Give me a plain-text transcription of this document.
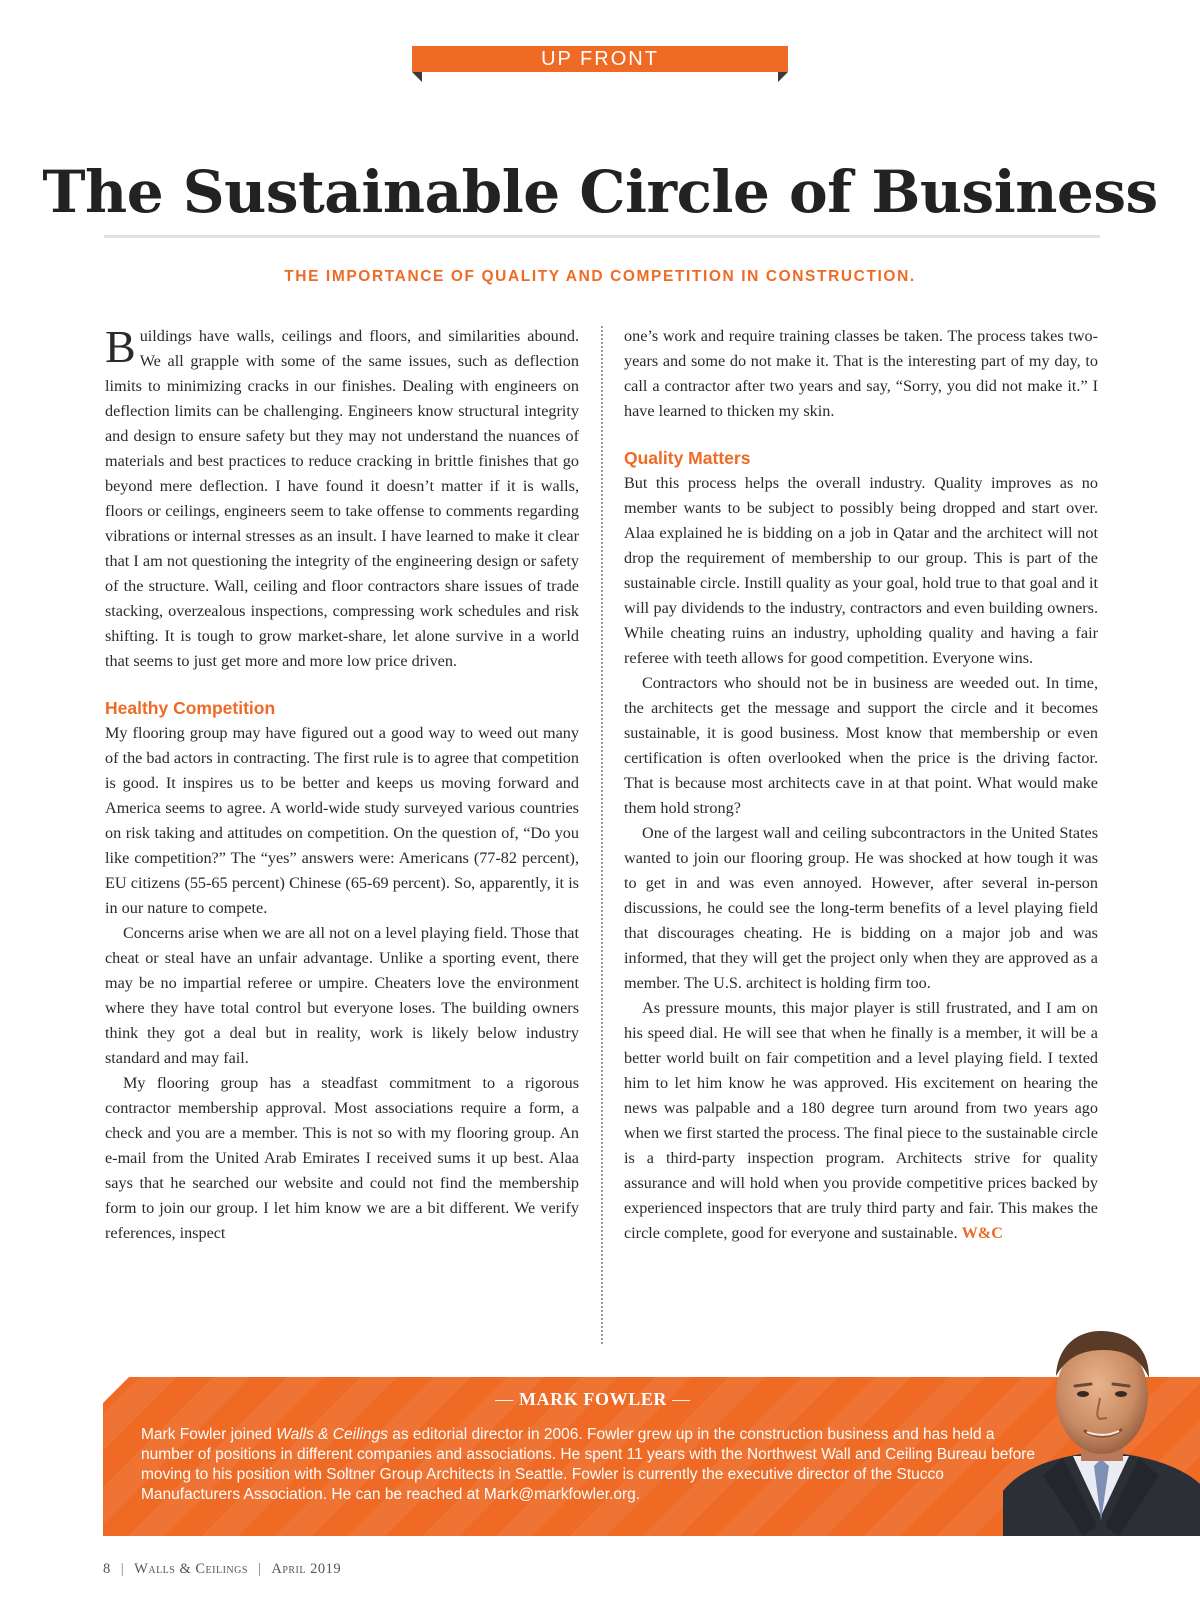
UP FRONT
The Sustainable Circle of Business
THE IMPORTANCE OF QUALITY AND COMPETITION IN CONSTRUCTION.

Buildings have walls, ceilings and floors, and similarities abound. We all grapple with some of the same issues, such as deflection limits to minimizing cracks in our finishes. Dealing with engineers on deflection limits can be challenging. Engineers know structural integrity and design to ensure safety but they may not understand the nuances of materials and best practices to reduce cracking in brittle finishes that go beyond mere deflection. I have found it doesn’t matter if it is walls, floors or ceilings, engineers seem to take offense to comments regarding vibrations or internal stresses as an insult. I have learned to make it clear that I am not questioning the integrity of the engineering design or safety of the structure. Wall, ceiling and floor contractors share issues of trade stacking, overzealous inspections, compressing work schedules and risk shifting. It is tough to grow market-share, let alone survive in a world that seems to just get more and more low price driven.

Healthy Competition

My flooring group may have figured out a good way to weed out many of the bad actors in contracting. The first rule is to agree that competition is good. It inspires us to be better and keeps us moving forward and America seems to agree. A world-wide study surveyed various countries on risk taking and attitudes on competition. On the question of, “Do you like competition?” The “yes” answers were: Americans (77-82 percent), EU citizens (55-65 percent) Chinese (65-69 percent). So, apparently, it is in our nature to compete.

Concerns arise when we are all not on a level playing field. Those that cheat or steal have an unfair advantage. Unlike a sporting event, there may be no impartial referee or umpire. Cheaters love the environment where they have total control but everyone loses. The building owners think they got a deal but in reality, work is likely below industry standard and may fail.

My flooring group has a steadfast commitment to a rigorous contractor membership approval. Most associations require a form, a check and you are a member. This is not so with my flooring group. An e-mail from the United Arab Emirates I received sums it up best. Alaa says that he searched our website and could not find the membership form to join our group. I let him know we are a bit different. We verify references, inspect

one’s work and require training classes be taken. The process takes two-years and some do not make it. That is the interesting part of my day, to call a contractor after two years and say, “Sorry, you did not make it.” I have learned to thicken my skin.

Quality Matters

But this process helps the overall industry. Quality improves as no member wants to be subject to possibly being dropped and start over. Alaa explained he is bidding on a job in Qatar and the architect will not drop the requirement of membership to our group. This is part of the sustainable circle. Instill quality as your goal, hold true to that goal and it will pay dividends to the industry, contractors and even building owners. While cheating ruins an industry, upholding quality and having a fair referee with teeth allows for good competition. Everyone wins.

Contractors who should not be in business are weeded out. In time, the architects get the message and support the circle and it becomes sustainable, it is good business. Most know that membership or even certification is often overlooked when the price is the driving factor. That is because most architects cave in at that point. What would make them hold strong?

One of the largest wall and ceiling subcontractors in the United States wanted to join our flooring group. He was shocked at how tough it was to get in and was even annoyed. However, after several in-person discussions, he could see the long-term benefits of a level playing field that discourages cheating. He is bidding on a major job and was informed, that they will get the project only when they are approved as a member. The U.S. architect is holding firm too.

As pressure mounts, this major player is still frustrated, and I am on his speed dial. He will see that when he finally is a member, it will be a better world built on fair competition and a level playing field. I texted him to let him know he was approved. His excitement on hearing the news was palpable and a 180 degree turn around from two years ago when we first started the process. The final piece to the sustainable circle is a third-party inspection program. Architects strive for quality assurance and will hold when you provide competitive prices backed by experienced inspectors that are truly third party and fair. This makes the circle complete, good for everyone and sustainable. W&C

— MARK FOWLER —
Mark Fowler joined Walls & Ceilings as editorial director in 2006. Fowler grew up in the construction business and has held a number of positions in different companies and associations. He spent 11 years with the Northwest Wall and Ceiling Bureau before moving to his position with Soltner Group Architects in Seattle. Fowler is currently the executive director of the Stucco Manufacturers Association. He can be reached at Mark@markfowler.org.
8 | Walls & Ceilings | April 2019
